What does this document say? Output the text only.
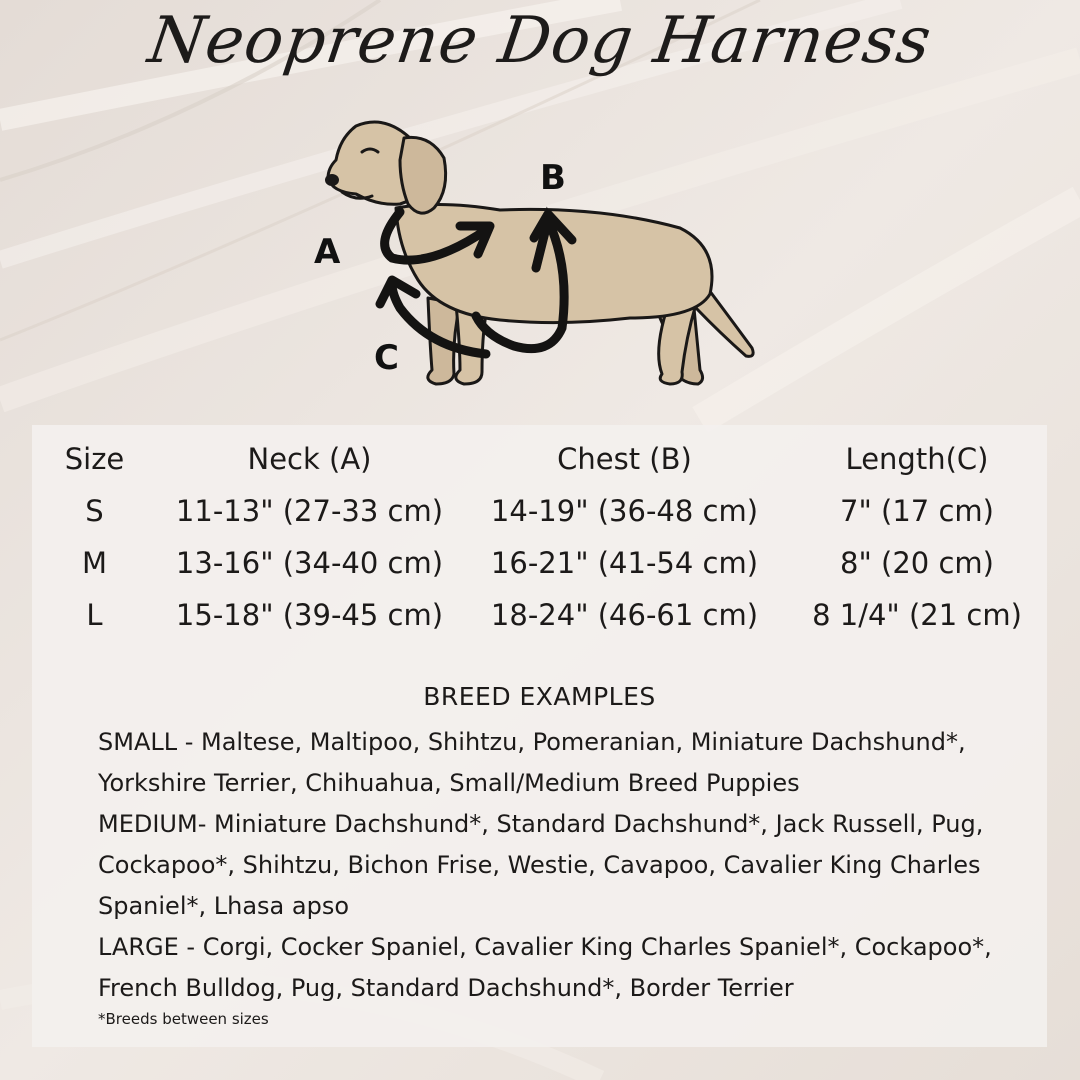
Neoprene Dog Harness
A
B
C
Size	Neck (A)	Chest (B)	Length(C)
S	11-13" (27-33 cm)	14-19" (36-48 cm)	7" (17 cm)
M	13-16" (34-40 cm)	16-21" (41-54 cm)	8" (20 cm)
L	15-18" (39-45 cm)	18-24" (46-61 cm)	8 1/4" (21 cm)
BREED EXAMPLES

SMALL - Maltese, Maltipoo, Shihtzu, Pomeranian, Miniature Dachshund*, Yorkshire Terrier, Chihuahua, Small/Medium Breed Puppies

MEDIUM- Miniature Dachshund*, Standard Dachshund*, Jack Russell, Pug, Cockapoo*, Shihtzu, Bichon Frise, Westie, Cavapoo, Cavalier King Charles Spaniel*, Lhasa apso

LARGE - Corgi, Cocker Spaniel, Cavalier King Charles Spaniel*, Cockapoo*, French Bulldog, Pug, Standard Dachshund*, Border Terrier

*Breeds between sizes
